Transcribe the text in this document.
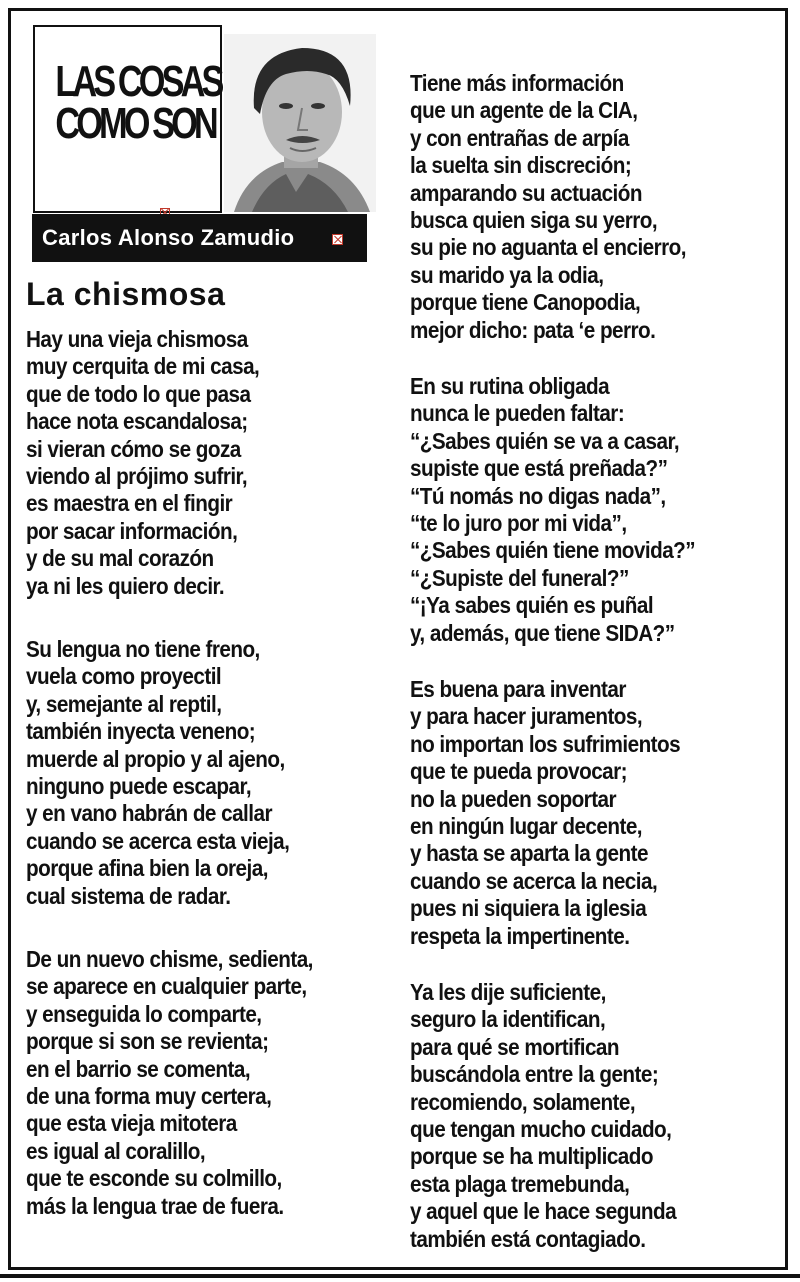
LAS COSAS
COMO SON
Carlos Alonso Zamudio
La chismosa
Hay una vieja chismosa
muy cerquita de mi casa,
que de todo lo que pasa
hace nota escandalosa;
si vieran cómo se goza
viendo al prójimo sufrir,
es maestra en el fingir
por sacar información,
y de su mal corazón
ya ni les quiero decir.
Su lengua no tiene freno,
vuela como proyectil
y, semejante al reptil,
también inyecta veneno;
muerde al propio y al ajeno,
ninguno puede escapar,
y en vano habrán de callar
cuando se acerca esta vieja,
porque afina bien la oreja,
cual sistema de radar.
De un nuevo chisme, sedienta,
se aparece en cualquier parte,
y enseguida lo comparte,
porque si son se revienta;
en el barrio se comenta,
de una forma muy certera,
que esta vieja mitotera
es igual al coralillo,
que te esconde su colmillo,
más la lengua trae de fuera.
Tiene más información
que un agente de la CIA,
y con entrañas de arpía
la suelta sin discreción;
amparando su actuación
busca quien siga su yerro,
su pie no aguanta el encierro,
su marido ya la odia,
porque tiene Canopodia,
mejor dicho: pata ‘e perro.
En su rutina obligada
nunca le pueden faltar:
“¿Sabes quién se va a casar,
supiste que está preñada?”
“Tú nomás no digas nada”,
“te lo juro por mi vida”,
“¿Sabes quién tiene movida?”
“¿Supiste del funeral?”
“¡Ya sabes quién es puñal
y, además, que tiene SIDA?”
Es buena para inventar
y para hacer juramentos,
no importan los sufrimientos
que te pueda provocar;
no la pueden soportar
en ningún lugar decente,
y hasta se aparta la gente
cuando se acerca la necia,
pues ni siquiera la iglesia
respeta la impertinente.
Ya les dije suficiente,
seguro la identifican,
para qué se mortifican
buscándola entre la gente;
recomiendo, solamente,
que tengan mucho cuidado,
porque se ha multiplicado
esta plaga tremebunda,
y aquel que le hace segunda
también está contagiado.
